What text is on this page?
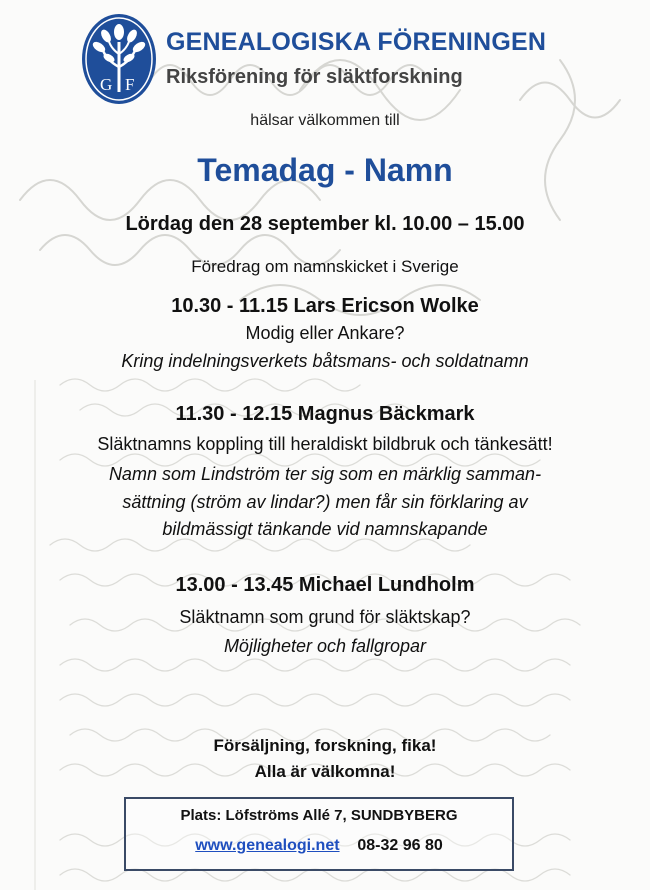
G F
GENEALOGISKA FÖRENINGEN
Riksförening för släktforskning
hälsar välkommen till
Temadag - Namn
Lördag den 28 september kl. 10.00 – 15.00
Föredrag om namnskicket i Sverige
10.30 - 11.15 Lars Ericson Wolke
Modig eller Ankare?
Kring indelningsverkets båtsmans- och soldatnamn
11.30 - 12.15 Magnus Bäckmark
Släktnamns koppling till heraldiskt bildbruk och tänkesätt!
Namn som Lindström ter sig som en märklig samman-
sättning (ström av lindar?) men får sin förklaring av
bildmässigt tänkande vid namnskapande
13.00 - 13.45 Michael Lundholm
Släktnamn som grund för släktskap?
Möjligheter och fallgropar
Försäljning, forskning, fika!
Alla är välkomna!
Plats: Löfströms Allé 7, SUNDBYBERG
www.genealogi.net 08-32 96 80
